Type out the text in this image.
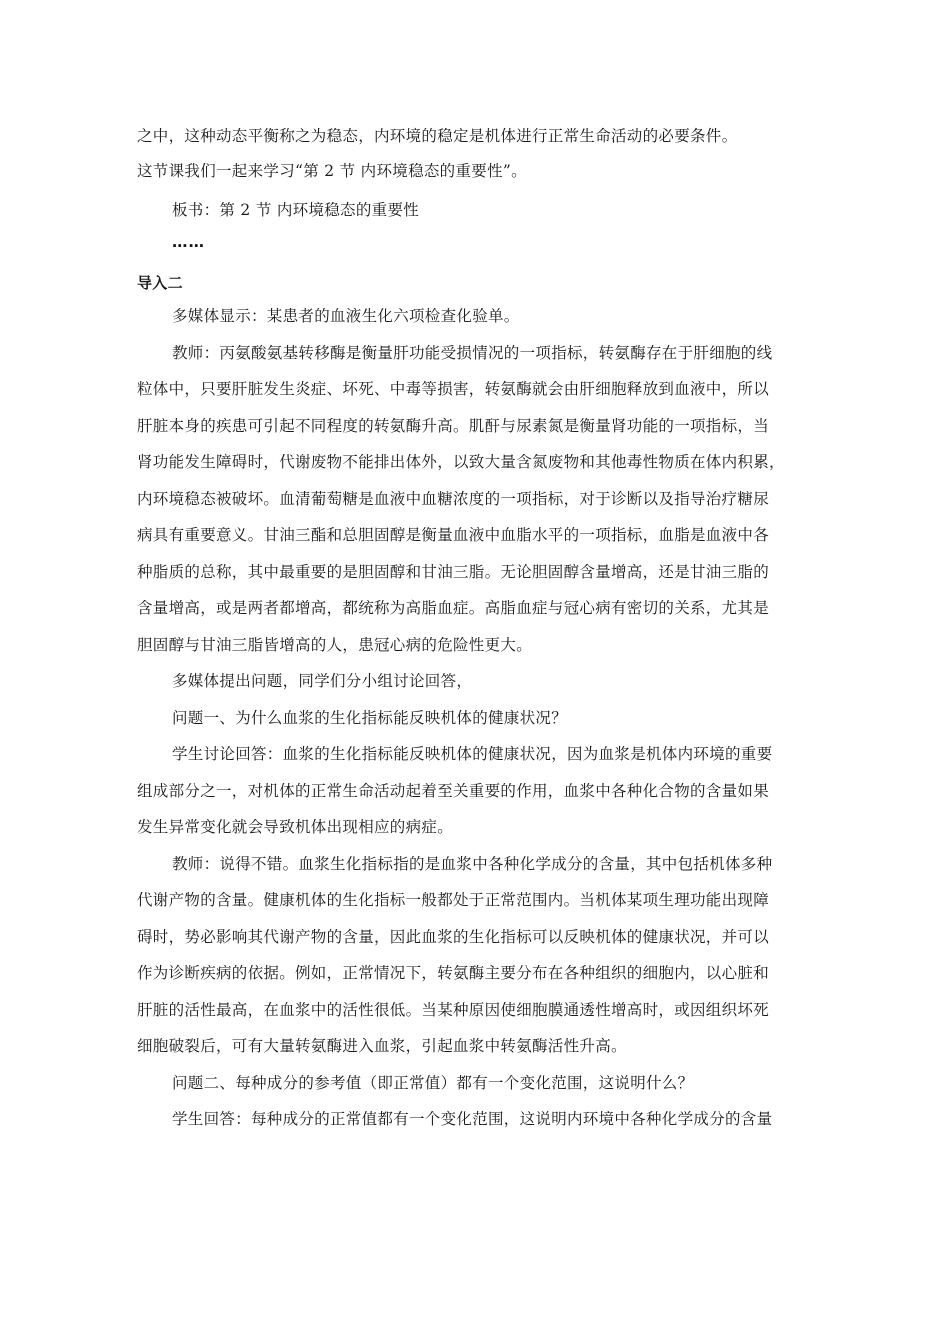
之中，这种动态平衡称之为稳态，内环境的稳定是机体进行正常生命活动的必要条件。
这节课我们一起来学习“第 2 节 内环境稳态的重要性”。
板书：第 2 节 内环境稳态的重要性
……
导入二
多媒体显示：某患者的血液生化六项检查化验单。
教师：丙氨酸氨基转移酶是衡量肝功能受损情况的一项指标，转氨酶存在于肝细胞的线
粒体中，只要肝脏发生炎症、坏死、中毒等损害，转氨酶就会由肝细胞释放到血液中，所以
肝脏本身的疾患可引起不同程度的转氨酶升高。肌酐与尿素氮是衡量肾功能的一项指标，当
肾功能发生障碍时，代谢废物不能排出体外，以致大量含氮废物和其他毒性物质在体内积累，
内环境稳态被破坏。血清葡萄糖是血液中血糖浓度的一项指标，对于诊断以及指导治疗糖尿
病具有重要意义。甘油三酯和总胆固醇是衡量血液中血脂水平的一项指标，血脂是血液中各
种脂质的总称，其中最重要的是胆固醇和甘油三脂。无论胆固醇含量增高，还是甘油三脂的
含量增高，或是两者都增高，都统称为高脂血症。高脂血症与冠心病有密切的关系，尤其是
胆固醇与甘油三脂皆增高的人，患冠心病的危险性更大。
多媒体提出问题，同学们分小组讨论回答，
问题一、为什么血浆的生化指标能反映机体的健康状况？
学生讨论回答：血浆的生化指标能反映机体的健康状况，因为血浆是机体内环境的重要
组成部分之一，对机体的正常生命活动起着至关重要的作用，血浆中各种化合物的含量如果
发生异常变化就会导致机体出现相应的病症。
教师：说得不错。血浆生化指标指的是血浆中各种化学成分的含量，其中包括机体多种
代谢产物的含量。健康机体的生化指标一般都处于正常范围内。当机体某项生理功能出现障
碍时，势必影响其代谢产物的含量，因此血浆的生化指标可以反映机体的健康状况，并可以
作为诊断疾病的依据。例如，正常情况下，转氨酶主要分布在各种组织的细胞内，以心脏和
肝脏的活性最高，在血浆中的活性很低。当某种原因使细胞膜通透性增高时，或因组织坏死
细胞破裂后，可有大量转氨酶进入血浆，引起血浆中转氨酶活性升高。
问题二、每种成分的参考值（即正常值）都有一个变化范围，这说明什么？
学生回答：每种成分的正常值都有一个变化范围，这说明内环境中各种化学成分的含量
